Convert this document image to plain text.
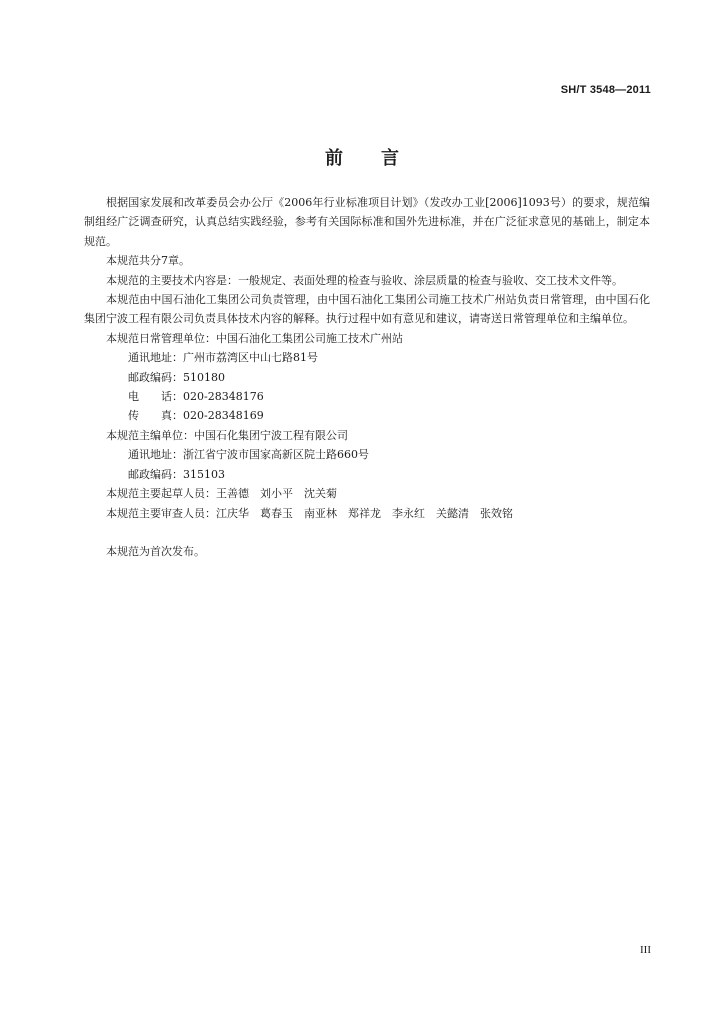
SH/T 3548—2011
前言

根据国家发展和改革委员会办公厅《2006年行业标准项目计划》（发改办工业[2006]1093号）的要求，规范编制组经广泛调查研究，认真总结实践经验，参考有关国际标准和国外先进标准，并在广泛征求意见的基础上，制定本规范。

本规范共分7章。

本规范的主要技术内容是：一般规定、表面处理的检查与验收、涂层质量的检查与验收、交工技术文件等。

本规范由中国石油化工集团公司负责管理，由中国石油化工集团公司施工技术广州站负责日常管理，由中国石化集团宁波工程有限公司负责具体技术内容的解释。执行过程中如有意见和建议，请寄送日常管理单位和主编单位。

本规范日常管理单位：中国石油化工集团公司施工技术广州站

通讯地址：广州市荔湾区中山七路81号

邮政编码：510180

电　　话：020-28348176

传　　真：020-28348169

本规范主编单位：中国石化集团宁波工程有限公司

通讯地址：浙江省宁波市国家高新区院士路660号

邮政编码：315103

本规范主要起草人员：王善德　刘小平　沈关菊

本规范主要审查人员：江庆华　葛春玉　南亚林　郑祥龙　李永红　关懿清　张效铭

本规范为首次发布。

III
